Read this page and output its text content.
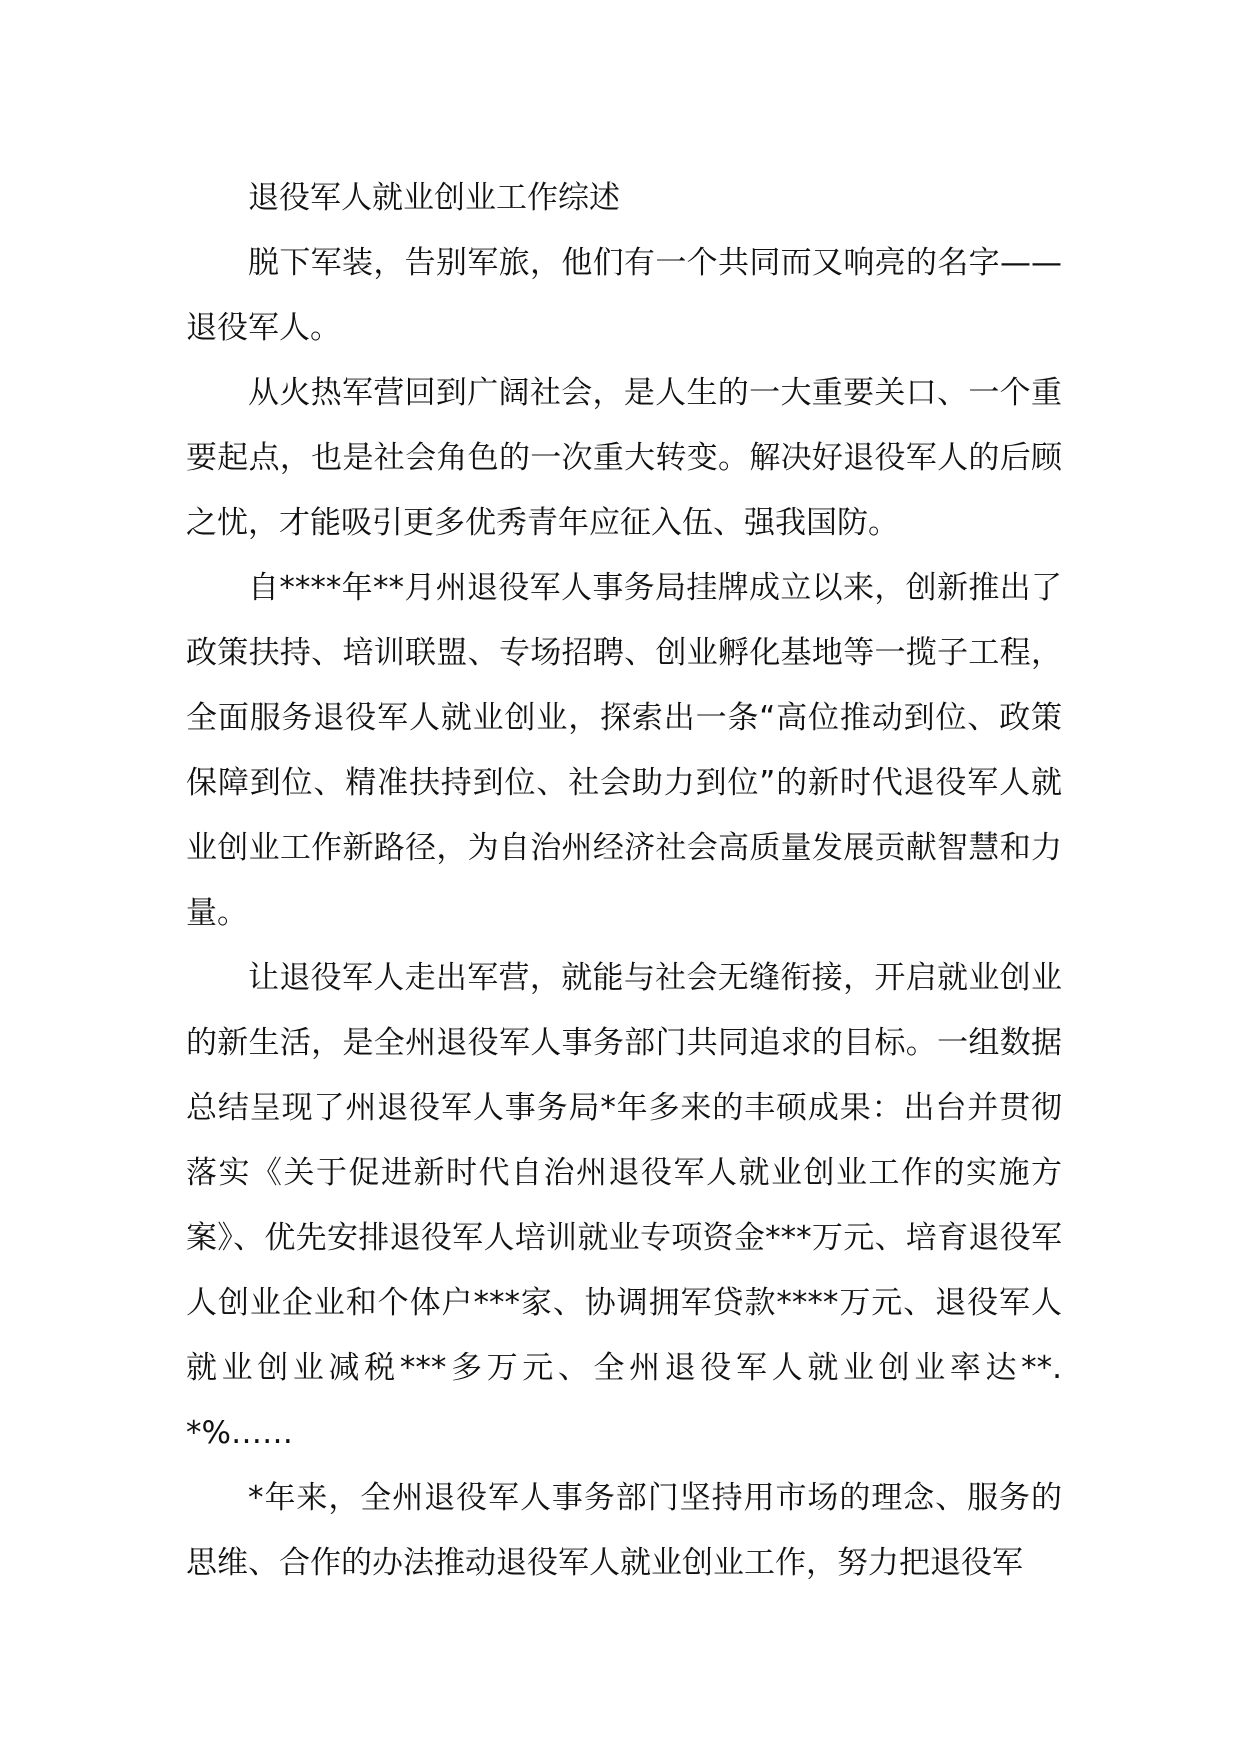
退役军人就业创业工作综述

脱下军装，告别军旅，他们有一个共同而又响亮的名字——退役军人。

从火热军营回到广阔社会，是人生的一大重要关口、一个重要起点，也是社会角色的一次重大转变。解决好退役军人的后顾之忧，才能吸引更多优秀青年应征入伍、强我国防。

自****年**月州退役军人事务局挂牌成立以来，创新推出了政策扶持、培训联盟、专场招聘、创业孵化基地等一揽子工程，全面服务退役军人就业创业，探索出一条“高位推动到位、政策保障到位、精准扶持到位、社会助力到位”的新时代退役军人就业创业工作新路径，为自治州经济社会高质量发展贡献智慧和力量。

让退役军人走出军营，就能与社会无缝衔接，开启就业创业的新生活，是全州退役军人事务部门共同追求的目标。一组数据总结呈现了州退役军人事务局*年多来的丰硕成果：出台并贯彻落实《关于促进新时代自治州退役军人就业创业工作的实施方案》、优先安排退役军人培训就业专项资金***万元、培育退役军人创业企业和个体户***家、协调拥军贷款****万元、退役军人就业创业减税***多万元、全州退役军人就业创业率达**.*%……

*年来，全州退役军人事务部门坚持用市场的理念、服务的思维、合作的办法推动退役军人就业创业工作，努力把退役军
